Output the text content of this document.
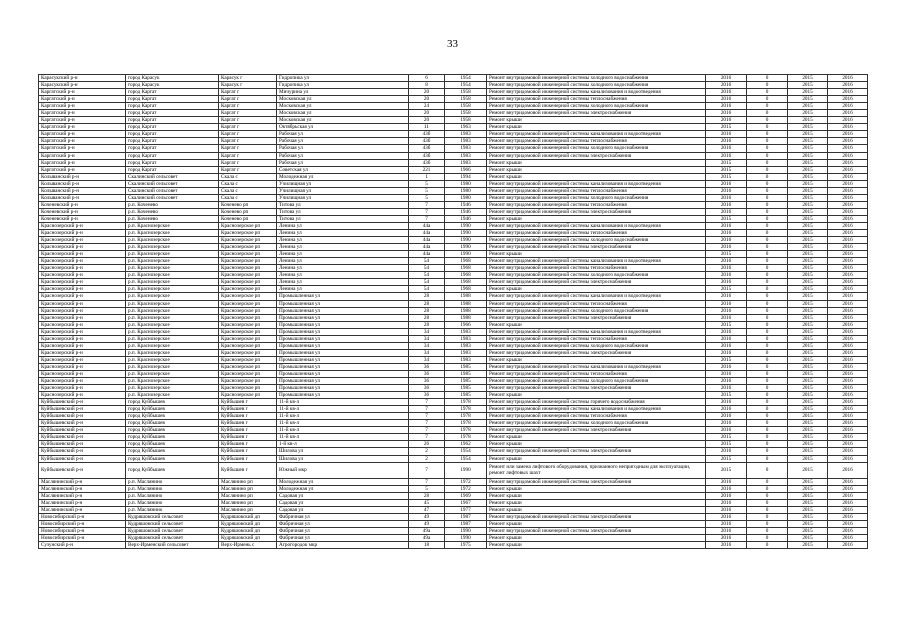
33
Карасукский р-н	город Карасук	Карасук г	Гидропика ул	6	1954	Ремонт внутридомовой инженерной системы холодного водоснабжения	2016	0	2015	2016
Карасукский р-н	город Карасук	Карасук г	Гидропика ул	8	1954	Ремонт внутридомовой инженерной системы холодного водоснабжения	2016	0	2015	2016
Каргатский р-н	город Каргат	Каргат г	Мичурина ул	20	1958	Ремонт внутридомовой инженерной системы канализования и водоотведения	2016	0	2015	2016
Каргатский р-н	город Каргат	Каргат г	Московская ул	20	1958	Ремонт внутридомовой инженерной системы теплоснабжения	2016	0	2015	2016
Каргатский р-н	город Каргат	Каргат г	Московская ул	24	1958	Ремонт внутридомовой инженерной системы холодного водоснабжения	2016	0	2015	2016
Каргатский р-н	город Каргат	Каргат г	Московская ул	20	1958	Ремонт внутридомовой инженерной системы электроснабжения	2016	0	2015	2016
Каргатский р-н	город Каргат	Каргат г	Московская ул	20	1958	Ремонт крыши	2016	0	2015	2016
Каргатский р-н	город Каргат	Каргат г	Октябрьская ул	11	1963	Ремонт крыши	2015	0	2015	2016
Каргатский р-н	город Каргат	Каргат г	Рабочая ул	43б	1983	Ремонт внутридомовой инженерной системы канализования и водоотведения	2016	0	2015	2016
Каргатский р-н	город Каргат	Каргат г	Рабочая ул	43б	1983	Ремонт внутридомовой инженерной системы теплоснабжения	2016	0	2015	2016
Каргатский р-н	город Каргат	Каргат г	Рабочая ул	43б	1983	Ремонт внутридомовой инженерной системы холодного водоснабжения	2016	0	2015	2016
Каргатский р-н	город Каргат	Каргат г	Рабочая ул	43б	1983	Ремонт внутридомовой инженерной системы электроснабжения	2016	0	2015	2016
Каргатский р-н	город Каргат	Каргат г	Рабочая ул	43б	1983	Ремонт крыши	2015	0	2015	2016
Каргатский р-н	город Каргат	Каргат г	Советская ул	221	1966	Ремонт крыши	2015	0	2015	2016
Колыванский р-н	Скалинский сельсовет	Скала с	Молодежная ул	1	1994	Ремонт крыши	2015	0	2015	2016
Колыванский р-н	Скалинский сельсовет	Скала с	Училищная ул	5	1980	Ремонт внутридомовой инженерной системы канализования и водоотведения	2016	0	2015	2016
Колыванский р-н	Скалинский сельсовет	Скала с	Училищная ул	5	1980	Ремонт внутридомовой инженерной системы теплоснабжения	2016	0	2015	2016
Колыванский р-н	Скалинский сельсовет	Скала с	Училищная ул	5	1980	Ремонт внутридомовой инженерной системы холодного водоснабжения	2016	0	2015	2016
Коченевский р-н	р.п. Коченево	Коченево рп	Титова ул	7	1946	Ремонт внутридомовой инженерной системы теплоснабжения	2016	0	2015	2016
Коченевский р-н	р.п. Коченево	Коченево рп	Титова ул	7	1946	Ремонт внутридомовой инженерной системы электроснабжения	2016	0	2015	2016
Коченевский р-н	р.п. Коченево	Коченево рп	Титова ул	7	1946	Ремонт крыши	2015	0	2015	2016
Краснозерский р-н	р.п. Краснозерское	Краснозерское рп	Ленина ул	44а	1990	Ремонт внутридомовой инженерной системы канализования и водоотведения	2016	0	2015	2016
Краснозерский р-н	р.п. Краснозерское	Краснозерское рп	Ленина ул	44а	1990	Ремонт внутридомовой инженерной системы теплоснабжения	2016	0	2015	2016
Краснозерский р-н	р.п. Краснозерское	Краснозерское рп	Ленина ул	44а	1990	Ремонт внутридомовой инженерной системы холодного водоснабжения	2016	0	2015	2016
Краснозерский р-н	р.п. Краснозерское	Краснозерское рп	Ленина ул	44а	1990	Ремонт внутридомовой инженерной системы электроснабжения	2016	0	2015	2016
Краснозерский р-н	р.п. Краснозерское	Краснозерское рп	Ленина ул	44а	1990	Ремонт крыши	2015	0	2015	2016
Краснозерский р-н	р.п. Краснозерское	Краснозерское рп	Ленина ул	54	1968	Ремонт внутридомовой инженерной системы канализования и водоотведения	2016	0	2015	2016
Краснозерский р-н	р.п. Краснозерское	Краснозерское рп	Ленина ул	54	1968	Ремонт внутридомовой инженерной системы теплоснабжения	2016	0	2015	2016
Краснозерский р-н	р.п. Краснозерское	Краснозерское рп	Ленина ул	54	1968	Ремонт внутридомовой инженерной системы холодного водоснабжения	2016	0	2015	2016
Краснозерский р-н	р.п. Краснозерское	Краснозерское рп	Ленина ул	54	1968	Ремонт внутридомовой инженерной системы электроснабжения	2016	0	2015	2016
Краснозерский р-н	р.п. Краснозерское	Краснозерское рп	Ленина ул	54	1968	Ремонт крыши	2015	0	2015	2016
Краснозерский р-н	р.п. Краснозерское	Краснозерское рп	Промышленная ул	28	1988	Ремонт внутридомовой инженерной системы канализования и водоотведения	2016	0	2015	2016
Краснозерский р-н	р.п. Краснозерское	Краснозерское рп	Промышленная ул	28	1988	Ремонт внутридомовой инженерной системы теплоснабжения	2016	0	2015	2016
Краснозерский р-н	р.п. Краснозерское	Краснозерское рп	Промышленная ул	28	1988	Ремонт внутридомовой инженерной системы холодного водоснабжения	2016	0	2015	2016
Краснозерский р-н	р.п. Краснозерское	Краснозерское рп	Промышленная ул	28	1988	Ремонт внутридомовой инженерной системы электроснабжения	2016	0	2015	2016
Краснозерский р-н	р.п. Краснозерское	Краснозерское рп	Промышленная ул	28	1966	Ремонт крыши	2015	0	2015	2016
Краснозерский р-н	р.п. Краснозерское	Краснозерское рп	Промышленная ул	34	1983	Ремонт внутридомовой инженерной системы канализования и водоотведения	2016	0	2015	2016
Краснозерский р-н	р.п. Краснозерское	Краснозерское рп	Промышленная ул	34	1983	Ремонт внутридомовой инженерной системы теплоснабжения	2016	0	2015	2016
Краснозерский р-н	р.п. Краснозерское	Краснозерское рп	Промышленная ул	34	1983	Ремонт внутридомовой инженерной системы холодного водоснабжения	2016	0	2015	2016
Краснозерский р-н	р.п. Краснозерское	Краснозерское рп	Промышленная ул	34	1983	Ремонт внутридомовой инженерной системы электроснабжения	2016	0	2015	2016
Краснозерский р-н	р.п. Краснозерское	Краснозерское рп	Промышленная ул	34	1983	Ремонт крыши	2015	0	2015	2016
Краснозерский р-н	р.п. Краснозерское	Краснозерское рп	Промышленная ул	36	1985	Ремонт внутридомовой инженерной системы канализования и водоотведения	2016	0	2015	2016
Краснозерский р-н	р.п. Краснозерское	Краснозерское рп	Промышленная ул	36	1985	Ремонт внутридомовой инженерной системы теплоснабжения	2016	0	2015	2016
Краснозерский р-н	р.п. Краснозерское	Краснозерское рп	Промышленная ул	36	1985	Ремонт внутридомовой инженерной системы холодного водоснабжения	2016	0	2015	2016
Краснозерский р-н	р.п. Краснозерское	Краснозерское рп	Промышленная ул	36	1985	Ремонт внутридомовой инженерной системы электроснабжения	2016	0	2015	2016
Краснозерский р-н	р.п. Краснозерское	Краснозерское рп	Промышленная ул	36	1985	Ремонт крыши	2015	0	2015	2016
Куйбышевский р-н	город Куйбышев	Куйбышев г	11-й кв-л	7	1978	Ремонт внутридомовой инженерной системы горячего водоснабжения	2016	0	2015	2016
Куйбышевский р-н	город Куйбышев	Куйбышев г	11-й кв-л	7	1978	Ремонт внутридомовой инженерной системы канализования и водоотведения	2016	0	2015	2016
Куйбышевский р-н	город Куйбышев	Куйбышев г	11-й кв-л	7	1978	Ремонт внутридомовой инженерной системы теплоснабжения	2016	0	2015	2016
Куйбышевский р-н	город Куйбышев	Куйбышев г	11-й кв-л	7	1978	Ремонт внутридомовой инженерной системы холодного водоснабжения	2016	0	2015	2016
Куйбышевский р-н	город Куйбышев	Куйбышев г	11-й кв-л	7	1978	Ремонт внутридомовой инженерной системы электроснабжения	2016	0	2015	2016
Куйбышевский р-н	город Куйбышев	Куйбышев г	11-й кв-л	7	1978	Ремонт крыши	2015	0	2015	2016
Куйбышевский р-н	город Куйбышев	Куйбышев г	1-й кв-л	26	1962	Ремонт крыши	2015	0	2015	2016
Куйбышевский р-н	город Куйбышев	Куйбышев г	Шилова ул	2	1954	Ремонт внутридомовой инженерной системы электроснабжения	2016	0	2015	2016
Куйбышевский р-н	город Куйбышев	Куйбышев г	Шилова ул	2	1954	Ремонт крыши	2015	0	2015	2016
Куйбышевский р-н	город Куйбышев	Куйбышев г	Южный мкр	7	1990	Ремонт или замена лифтового оборудования, признанного непригодным для эксплуатации, ремонт лифтовых шахт	2015	0	2015	2016
Маслянинский р-н	р.п. Маслянино	Маслянино рп	Молодежная ул	7	1972	Ремонт внутридомовой инженерной системы электроснабжения	2016	0	2015	2016
Маслянинский р-н	р.п. Маслянино	Маслянино рп	Молодежная ул	5	1972	Ремонт крыши	2016	0	2015	2016
Маслянинский р-н	р.п. Маслянино	Маслянино рп	Садовая ул	28	1969	Ремонт крыши	2016	0	2015	2016
Маслянинский р-н	р.п. Маслянино	Маслянино рп	Садовая ул	45	1967	Ремонт крыши	2016	0	2015	2016
Маслянинский р-н	р.п. Маслянино	Маслянино рп	Садовая ул	47	1977	Ремонт крыши	2016	0	2015	2016
Новосибирский р-н	Кудряшовский сельсовет	Кудряшовский дп	Фабричная ул	49	1987	Ремонт внутридомовой инженерной системы электроснабжения	2016	0	2015	2016
Новосибирский р-н	Кудряшовский сельсовет	Кудряшовский дп	Фабричная ул	49	1987	Ремонт крыши	2016	0	2015	2016
Новосибирский р-н	Кудряшовский сельсовет	Кудряшовский дп	Фабричная ул	49а	1990	Ремонт внутридомовой инженерной системы электроснабжения	2016	0	2015	2016
Новосибирский р-н	Кудряшовский сельсовет	Кудряшовский дп	Фабричная ул	49а	1990	Ремонт крыши	2016	0	2015	2016
Сузунский р-н	Верх-Ирменский сельсовет	Верх-Ирмень с	Агрогородок мкр	18	1975	Ремонт крыши	2016	0	2015	2016
